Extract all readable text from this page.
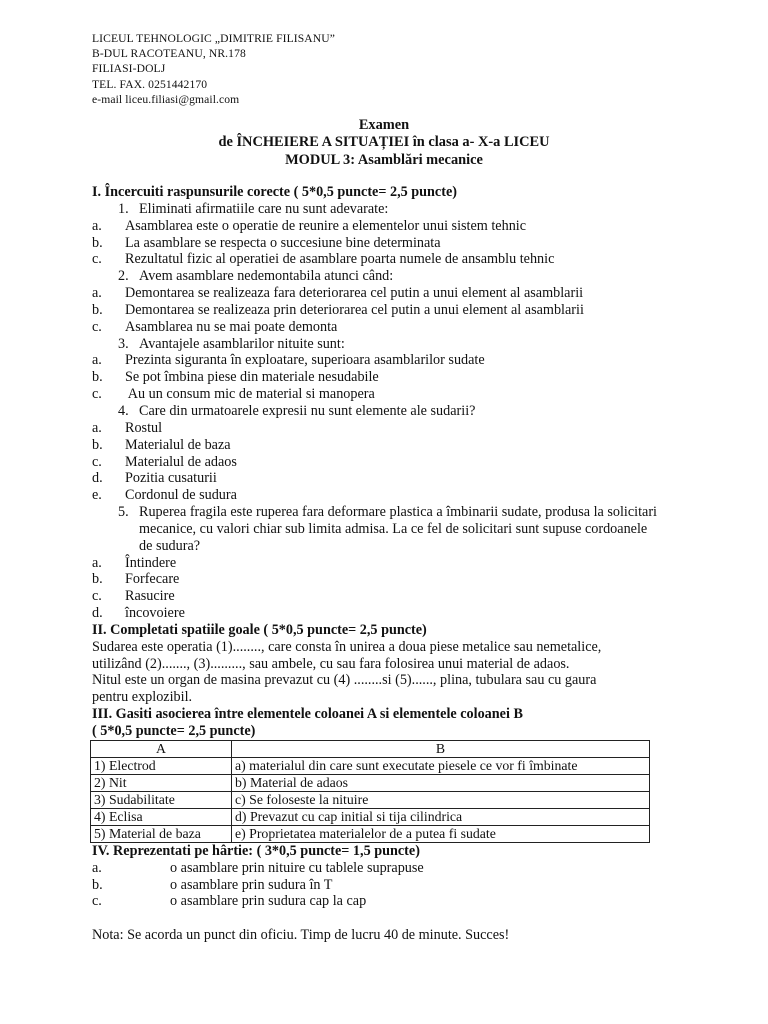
LICEUL TEHNOLOGIC „DIMITRIE FILISANU”
B-DUL RACOTEANU, NR.178
FILIASI-DOLJ
TEL. FAX. 0251442170
e-mail liceu.filiasi@gmail.com
Examen
de ÎNCHEIERE A SITUAȚIEI în clasa a- X-a LICEU
MODUL 3: Asamblări mecanice
I. Încercuiti raspunsurile corecte ( 5*0,5 puncte= 2,5 puncte)
1. Eliminati afirmatiile care nu sunt adevarate:
a. Asamblarea este o operatie de reunire a elementelor unui sistem tehnic
b. La asamblare se respecta o succesiune bine determinata
c. Rezultatul fizic al operatiei de asamblare poarta numele de ansamblu tehnic
2. Avem asamblare nedemontabila atunci când:
a. Demontarea se realizeaza fara deteriorarea cel putin a unui element al asamblarii
b. Demontarea se realizeaza prin deteriorarea cel putin a unui element al asamblarii
c. Asamblarea nu se mai poate demonta
3. Avantajele asamblarilor nituite sunt:
a. Prezinta siguranta în exploatare, superioara asamblarilor sudate
b. Se pot îmbina piese din materiale nesudabile
c. Au un consum mic de material si manopera
4. Care din urmatoarele expresii nu sunt elemente ale sudarii?
a. Rostul
b. Materialul de baza
c. Materialul de adaos
d. Pozitia cusaturii
e. Cordonul de sudura
5. Ruperea fragila este ruperea fara deformare plastica a îmbinarii sudate, produsa la solicitari mecanice, cu valori chiar sub limita admisa. La ce fel de solicitari sunt supuse cordoanele de sudura?
a. Întindere
b. Forfecare
c. Rasucire
d. încovoiere
II. Completati spatiile goale ( 5*0,5 puncte= 2,5 puncte)
Sudarea este operatia (1)........, care consta în unirea a doua piese metalice sau nemetalice,
utilizând (2)......., (3)........., sau ambele, cu sau fara folosirea unui material de adaos.
Nitul este un organ de masina prevazut cu (4) ........si (5)......, plina, tubulara sau cu gaura
pentru explozibil.
III. Gasiti asocierea între elementele coloanei A si elementele coloanei B
( 5*0,5 puncte= 2,5 puncte)
A	B
1) Electrod	a) materialul din care sunt executate piesele ce vor fi îmbinate
2) Nit	b) Material de adaos
3) Sudabilitate	c) Se foloseste la nituire
4) Eclisa	d) Prevazut cu cap initial si tija cilindrica
5) Material de baza	e) Proprietatea materialelor de a putea fi sudate
IV. Reprezentati pe hârtie: ( 3*0,5 puncte= 1,5 puncte)
a.	o asamblare prin nituire cu tablele suprapuse
b.	o asamblare prin sudura în T
c.	o asamblare prin sudura cap la cap
Nota: Se acorda un punct din oficiu. Timp de lucru 40 de minute. Succes!
